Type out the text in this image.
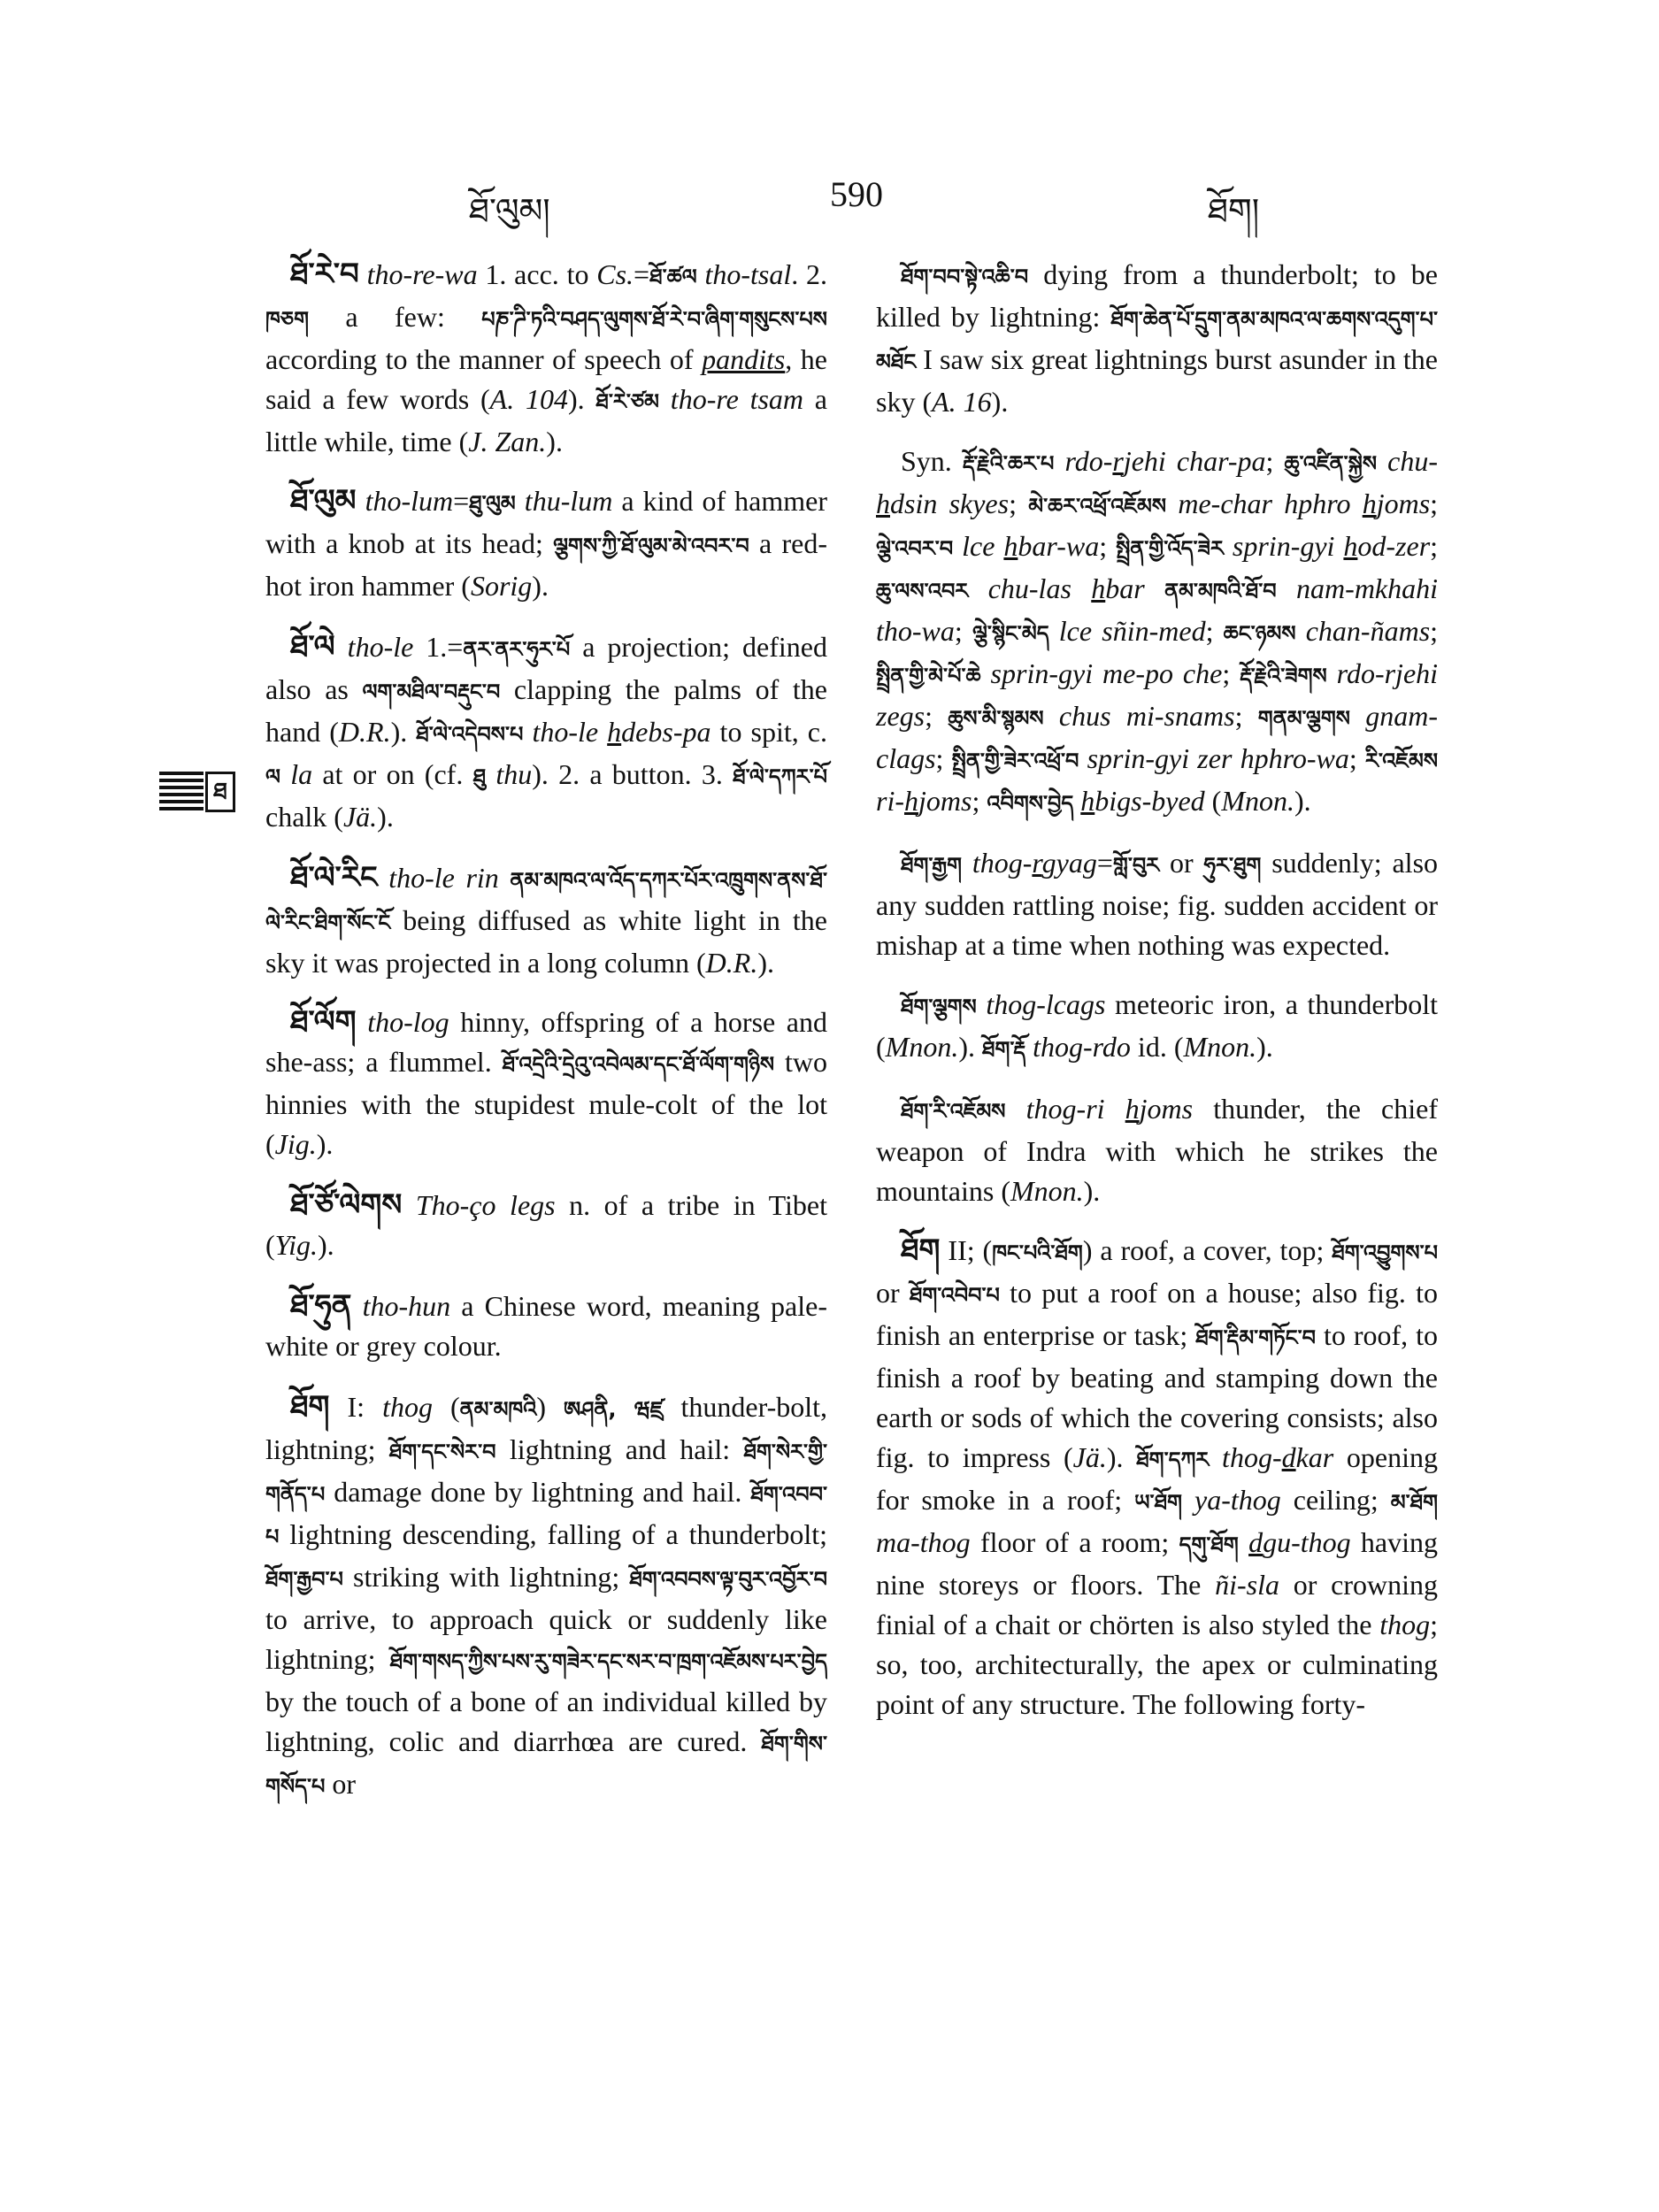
ཐོ་ལུམ།	590	ཐོག།
ཐ

ཐོ་རེ་བ tho-re-wa 1. acc. to Cs.=ཐོ་ཚལ tho-tsal. 2. ཁཅག a few: པཎ་ཌི་ཏའི་བཤད་ལུགས་ཐོ་རེ་བ་ཞིག་གསུངས་པས according to the manner of speech of pandits, he said a few words (A. 104). ཐོ་རེ་ཙམ tho-re tsam a little while, time (J. Zan.).

ཐོ་ལུམ tho-lum=ཐུ་ལུམ thu-lum a kind of hammer with a knob at its head; ལྕགས་ཀྱི་ཐོ་ལུམ་མེ་འབར་བ a red-hot iron hammer (Sorig).

ཐོ་ལེ tho-le 1.=ནར་ནར་ཧུར་པོ a projection; defined also as ལག་མཐིལ་བརྡུང་བ clapping the palms of the hand (D.R.). ཐོ་ལེ་འདེབས་པ tho-le hdebs-pa to spit, c. ལ la at or on (cf. ཐུ thu). 2. a button. 3. ཐོ་ལེ་དཀར་པོ chalk (Jä.).

ཐོ་ལེ་རིང tho-le rin ནམ་མཁའ་ལ་འོད་དཀར་པོར་འཁྲུགས་ནས་ཐོ་ལེ་རིང་ཐིག་སོང་ངོ being diffused as white light in the sky it was projected in a long column (D.R.).

ཐོ་ལོག tho-log hinny, offspring of a horse and she-ass; a flummel. ཐོ་འདྲེའི་དྲེའུ་འབེལམ་དང་ཐོ་ལོག་གཉིས two hinnies with the stupidest mule-colt of the lot (Jig.).

ཐོ་ཙོ་ལེགས Tho-ço legs n. of a tribe in Tibet (Yig.).

ཐོ་ཧུན tho-hun a Chinese word, meaning pale-white or grey colour.

ཐོག I: thog (ནམ་མཁའི) ཨཤནི, ཝཛྲ thunder-bolt, lightning; ཐོག་དང་སེར་བ lightning and hail: ཐོག་སེར་གྱི་གནོད་པ damage done by lightning and hail. ཐོག་འབབ་པ lightning descending, falling of a thunderbolt; ཐོག་རྒྱབ་པ striking with lightning; ཐོག་འབབས་ལྟ་བུར་འབྱོར་བ to arrive, to approach quick or suddenly like lightning; ཐོག་གསད་ཀྱིས་པས་རུ་གཟེར་དང་སར་བ་ཁྲག་འཇོམས་པར་བྱེད by the touch of a bone of an individual killed by lightning, colic and diarrhœa are cured. ཐོག་གིས་གསོད་པ or

ཐོག་བབ་སྟེ་འཆི་བ dying from a thunderbolt; to be killed by lightning: ཐོག་ཆེན་པོ་དྲུག་ནམ་མཁའ་ལ་ཆགས་འདུག་པ་མཐོང I saw six great lightnings burst asunder in the sky (A. 16).

Syn. རྡོ་རྗེའི་ཆར་པ rdo-rjehi char-pa; ཆུ་འཛིན་སྐྱེས chu-hdsin skyes; མེ་ཆར་འཕྲོ་འཇོམས me-char hphro hjoms; ལྕེ་འབར་བ lce hbar-wa; སྤྲིན་གྱི་འོད་ཟེར sprin-gyi hod-zer; ཆུ་ལས་འབར chu-las hbar ནམ་མཁའི་ཐོ་བ nam-mkhahi tho-wa; ལྕེ་སྙིང་མེད lce sñin-med; ཆང་ཉམས chan-ñams; སྤྲིན་གྱི་མེ་པོ་ཆེ sprin-gyi me-po che; རྡོ་རྗེའི་ཟེགས rdo-rjehi zegs; ཆུས་མི་སྙམས chus mi-snams; གནམ་ལྕགས gnam-clags; སྤྲིན་གྱི་ཟེར་འཕྲོ་བ sprin-gyi zer hphro-wa; རི་འཇོམས ri-hjoms; འབིགས་བྱེད hbigs-byed (Mnon.).

ཐོག་རྒྱག thog-rgyag=གློ་བུར or ཧུར་ཐུག suddenly; also any sudden rattling noise; fig. sudden accident or mishap at a time when nothing was expected.

ཐོག་ལྕགས thog-lcags meteoric iron, a thunderbolt (Mnon.). ཐོག་རྡོ thog-rdo id. (Mnon.).

ཐོག་རི་འཇོམས thog-ri hjoms thunder, the chief weapon of Indra with which he strikes the mountains (Mnon.).

ཐོག II; (ཁང་པའི་ཐོག) a roof, a cover, top; ཐོག་འབྱུགས་པ or ཐོག་འབེབ་པ to put a roof on a house; also fig. to finish an enterprise or task; ཐོག་རྡིམ་གཏོང་བ to roof, to finish a roof by beating and stamping down the earth or sods of which the covering consists; also fig. to impress (Jä.). ཐོག་དཀར thog-dkar opening for smoke in a roof; ཡ་ཐོག ya-thog ceiling; མ་ཐོག ma-thog floor of a room; དགུ་ཐོག dgu-thog having nine storeys or floors. The ñi-sla or crowning finial of a chait or chörten is also styled the thog; so, too, architecturally, the apex or culminating point of any structure. The following forty-
